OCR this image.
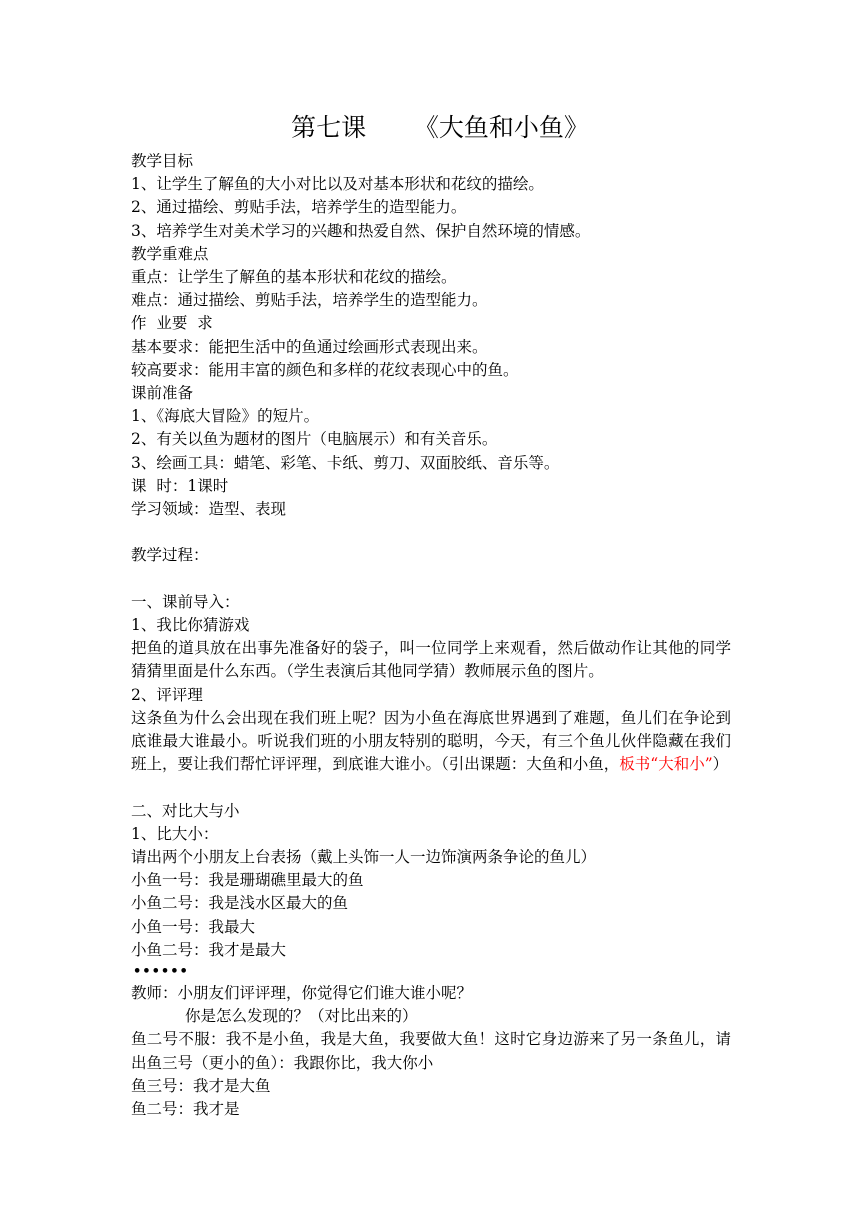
第七课      《大鱼和小鱼》
教学目标
1、让学生了解鱼的大小对比以及对基本形状和花纹的描绘。
2、通过描绘、剪贴手法，培养学生的造型能力。
3、培养学生对美术学习的兴趣和热爱自然、保护自然环境的情感。
教学重难点
重点：让学生了解鱼的基本形状和花纹的描绘。
难点：通过描绘、剪贴手法，培养学生的造型能力。
作  业要  求
基本要求：能把生活中的鱼通过绘画形式表现出来。
较高要求：能用丰富的颜色和多样的花纹表现心中的鱼。
课前准备
1、《海底大冒险》的短片。
2、有关以鱼为题材的图片（电脑展示）和有关音乐。
3、绘画工具：蜡笔、彩笔、卡纸、剪刀、双面胶纸、音乐等。
课  时：1课时
学习领域：造型、表现
教学过程：
一、课前导入：
1、我比你猜游戏

把鱼的道具放在出事先准备好的袋子，叫一位同学上来观看，然后做动作让其他的同学猜猜里面是什么东西。（学生表演后其他同学猜）教师展示鱼的图片。

2、评评理

这条鱼为什么会出现在我们班上呢？因为小鱼在海底世界遇到了难题，鱼儿们在争论到底谁最大谁最小。听说我们班的小朋友特别的聪明，今天，有三个鱼儿伙伴隐藏在我们班上，要让我们帮忙评评理，到底谁大谁小。（引出课题：大鱼和小鱼，板书“大和小”）

二、对比大与小
1、比大小：
请出两个小朋友上台表扬（戴上头饰一人一边饰演两条争论的鱼儿）
小鱼一号：我是珊瑚礁里最大的鱼
小鱼二号：我是浅水区最大的鱼
小鱼一号：我最大
小鱼二号：我才是最大
••••••
教师：小朋友们评评理，你觉得它们谁大谁小呢？
你是怎么发现的？（对比出来的）

鱼二号不服：我不是小鱼，我是大鱼，我要做大鱼！这时它身边游来了另一条鱼儿，请出鱼三号（更小的鱼）：我跟你比，我大你小

鱼三号：我才是大鱼
鱼二号：我才是
